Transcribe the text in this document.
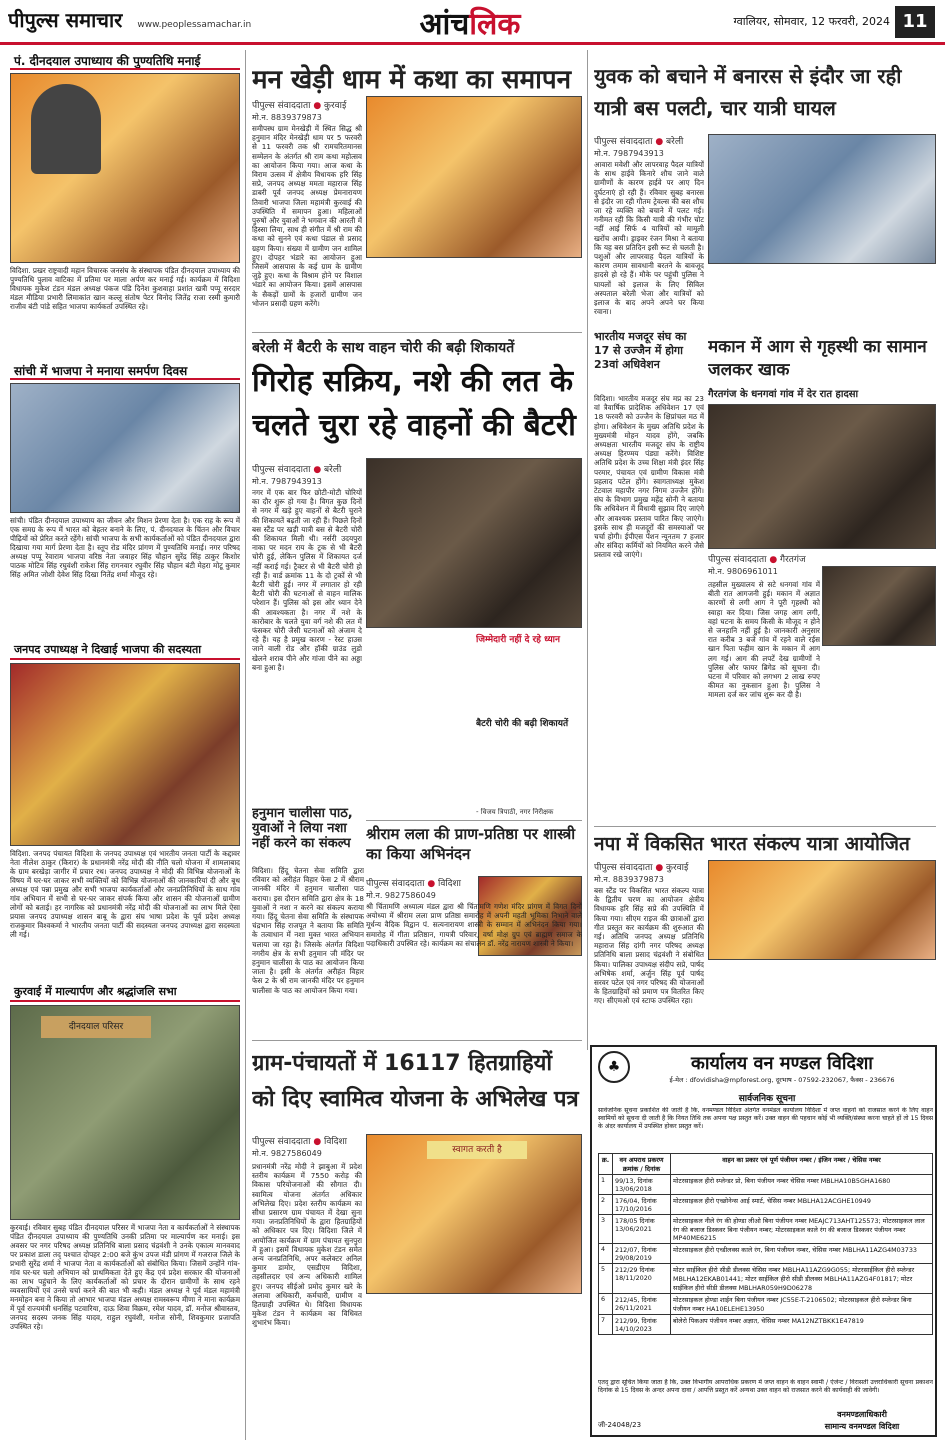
पीपुल्स समाचार www.peoplessamachar.in	आंचलिक	ग्वालियर, सोमवार, 12 फरवरी, 2024 11
पं. दीनदयाल उपाध्याय की पुण्यतिथि मनाई
विदिशा. प्रखर राष्ट्रवादी महान विचारक जनसंघ के संस्थापक पंडित दीनदयाल उपाध्याय की पुण्यतिथि पुलाव वाटिका में प्रतिमा पर माला अर्पण कर मनाई गई। कार्यक्रम में विदिशा विधायक मुकेश टंडन मंडल अध्यक्ष पंकज पंडि दिनेश कुशवाहा प्रशांत खत्री पप्पू सरदार मंडल मीडिया प्रभारी लिमाकांत खान कल्लू संतोष पेटर विनोद जितेंद्र राजा रस्मी कुमारी राजीव बंटी पांडे सहित भाजपा कार्यकर्ता उपस्थित रहे।
सांची में भाजपा ने मनाया समर्पण दिवस
सांची। पंडित दीनदयाल उपाध्याय का जीवन और मिशन प्रेरणा देता है। एक राह के रूप में एक समग्र के रूप में भारत को बेहतर बनाने के लिए, पं. दीनदयाल के चिंतन और विचार पीढ़ियों को प्रेरित करते रहेंगे। सांची भाजपा के सभी कार्यकर्ताओं को पंडित दीनदयाल द्वारा दिखाया गया मार्ग प्रेरणा देता है। स्तूप रोड मंदिर प्रांगण में पुण्यतिथि मनाई। नगर परिषद अध्यक्ष पप्पू रेवाराम भाजपा वरिष्ठ नेता जवाहर सिंह चौहान सुरेंद्र सिंह ठाकुर किशोर पाठक मोटिव सिंह रघुवंशी राकेश सिंह रागनवार रघुवीर सिंह चौहान बंटी मेहरा मोटू कुमार सिंह अमित जोशी देवेश सिंह दिखा नितेंद्र शर्मा मौजूद रहे।
जनपद उपाध्यक्ष ने दिखाई भाजपा की सदस्यता
विदिशा. जनपद पंचायत विदिशा के जनपद उपाध्यक्ष एवं भारतीय जनता पार्टी के कद्दावर नेता नीलेश ठाकुर (किरार) के प्रधानमंत्री नरेंद्र मोदी की नीति चलो योजना में शामलाबाद के ग्राम बरखेड़ा जागीर में प्रचार रथ। जनपद उपाध्यक्ष ने मोदी की विभिन्न योजनाओं के विषय में घर-घर जाकर सभी व्यक्तियों को विभिन्न योजनाओं की जानकारियां दी और बूथ अध्यक्ष एवं पन्ना प्रमुख और सभी भाजपा कार्यकर्ताओं और जनप्रतिनिधियों के साथ गांव गांव अभियान में सभी से घर-घर जाकर संपर्क किया और शासन की योजनाओं ग्रामीण लोगों को बताई। हर नागरिक को प्रधानमंत्री नरेंद्र मोदी की योजनाओं का लाभ मिले ऐसा प्रयास जनपद उपाध्यक्ष शासन बाबू के द्वारा संघ भाषा प्रदेश के पूर्व प्रदेश अध्यक्ष राजकुमार विश्वकर्मा ने भारतीय जनता पार्टी की सदस्यता जनपद उपाध्यक्ष द्वारा सदस्यता ली गई।
कुरवाई में माल्यार्पण और श्रद्धांजलि सभा
दीनदयाल परिसर
कुरवाई। रविवार सुबह पंडित दीनदयाल परिसर में भाजपा नेता व कार्यकर्ताओं ने संस्थापक पंडित दीनदयाल उपाध्याय की पुण्यतिथि उनकी प्रतिमा पर माल्यार्पण कर मनाई। इस अवसर पर नगर परिषद अध्यक्ष प्रतिनिधि बाला प्रसाद चंद्रवंशी ने उनके एकात्म मानववाद पर प्रकाश डाला तद् पश्चात दोपहर 2:00 बजे कुंभ उपज मंडी प्रांगण में गजराज जिले के प्रभारी सुरेंद्र शर्मा ने भाजपा नेता व कार्यकर्ताओं को संबोधित किया। जिसमें उन्होंने गांव-गांव घर-घर चलो अभियान को प्राथमिकता देते हुए केंद्र एवं प्रदेश सरकार की योजनाओं का लाभ पहुंचाने के लिए कार्यकर्ताओं को प्रचार के दौरान ग्रामीणों के साथ रहने व्यवसायियों एवं उनसे चर्चा करने की बात भी कही। मंडल अध्यक्ष ने पूर्व मंडल महामंत्री मनमोहन बना ने किया तो आभार भाजपा मंडल अध्यक्ष रामस्वरूप मीणा ने माना कार्यक्रम में पूर्व राज्यमंत्री धनसिंह पटवारिया, दाऊ शिवा विक्रम, रमेश यादव, डॉ. मनोज श्रीवास्तव, जनपद सदस्य जनक सिंह यादव, राहुल रघुवंशी, मनोज सोनी, शिवकुमार प्रजापति उपस्थित रहे।
मन खेड़ी धाम में कथा का समापन
पीपुल्स संवाददाता ● कुरवाई
मो.न. 8839379873
समीपस्थ ग्राम मेनखेड़ी में स्थित सिद्ध श्री हनुमान मंदिर मेनखेड़ी धाम पर 5 फरवरी से 11 फरवरी तक श्री रामचरितमानस सम्मेलन के अंतर्गत श्री राम कथा महोत्सव का आयोजन किया गया। आज कथा के विराम उत्सव में क्षेत्रीय विधायक हरि सिंह सप्रे, जनपद अध्यक्ष ममता महाराज सिंह डाबरी पूर्व जनपद अध्यक्ष प्रेमनारायण तिवारी भाजपा जिला महामंत्री कुरवाई की उपस्थिति में समापन हुआ। महिलाओं पुरुषों और युवाओं ने भगवान की आरती में हिस्सा लिया, साथ ही संगीत में श्री राम की कथा को सुनने एवं कथा पंडाल से प्रसाद ग्रहण किया। संख्या में ग्रामीण जन शामिल हुए। दोपहर भंडारे का आयोजन हुआ जिसमें आसपास के कई ग्राम के ग्रामीण जुड़े हुए। कथा के विश्राम होने पर विशाल भंडारे का आयोजन किया। इसमें आसपास के सैकड़ों ग्रामों के हजारों ग्रामीण जन भोजन प्रसादी ग्रहण करेंगे।
बरेली में बैटरी के साथ वाहन चोरी की बढ़ी शिकायतें
गिरोह सक्रिय, नशे की लत के चलते चुरा रहे वाहनों की बैटरी
पीपुल्स संवाददाता ● बरेली
मो.न. 7987943913
नगर में एक बार फिर छोटी-मोटी चोरियों का दौर शुरू हो गया है। विगत कुछ दिनों से नगर में खड़े हुए वाहनों से बैटरी चुराने की शिकायतें बढ़ती जा रही हैं। पिछले दिनों बस स्टैंड पर खड़ी यात्री बस से बैटरी चोरी की शिकायत मिली थी। नर्सरी उदयपुरा नाका पर मदन राय के ट्रक से भी बैटरी चोरी हुई, लेकिन पुलिस में शिकायत दर्ज नहीं कराई गई। ट्रैक्टर से भी बैटरी चोरी हो रही हैं। वार्ड क्रमांक 11 के दो ट्रकों से भी बैटरी चोरी हुई। नगर में लगातार हो रही बैटरी चोरी की घटनाओं से वाहन मालिक परेशान हैं। पुलिस को इस ओर ध्यान देने की आवश्यकता है। नगर में नशे के कारोबार के चलते युवा वर्ग नशे की लत में फंसकर चोरी जैसी घटनाओं को अंजाम दे रहे हैं। यह है प्रमुख कारण - रेस्ट हाउस जाने वाली रोड और हॉकी ग्राउंड लुडो खेलने शराब पीने और गांजा पीने का अड्डा बना हुआ है।
जिम्मेदारी नहीं दे रहे ध्यान
बैटरी चोरी की बढ़ी शिकायतें
- विजय त्रिपाठी, नगर निरीक्षक
हनुमान चालीसा पाठ, युवाओं ने लिया नशा नहीं करने का संकल्प
विदिशा। हिंदू चेतना सेवा समिति द्वारा रविवार को अरीहंत विहार फेस 2 में श्रीराम जानकी मंदिर में हनुमान चालीसा पाठ कराया। इस दौरान समिति द्वारा क्षेत्र के 18 युवाओं ने नशा न करने का संकल्प कराया गया। हिंदू चेतना सेवा समिति के संस्थापक चंद्रभान सिंह राजपूत ने बताया कि समिति के तत्वाधान में नशा मुक्त भारत अभियान चलाया जा रहा है। जिसके अंतर्गत विदिशा नगरीय क्षेत्र के सभी हनुमान जी मंदिर पर हनुमान चालीसा के पाठ का आयोजन किया जाता है। इसी के अंतर्गत अरीहंत विहार फेस 2 के श्री राम जानकी मंदिर पर हनुमान चालीसा के पाठ का आयोजन किया गया।
श्रीराम लला की प्राण-प्रतिष्ठा पर शास्त्री का किया अभिनंदन
पीपुल्स संवाददाता ● विदिशा
मो.न. 9827586049
श्री चिंतामणि अध्यात्म मंडल द्वारा श्री चिंतामणि गणेश मंदिर प्रांगण में विगत दिनों अयोध्या में श्रीराम लला प्राण प्रतिष्ठा समारोह में अपनी महती भूमिका निभाने वाले मूर्धन्य वैदिक विद्वान पं. सत्यनारायण शास्त्री के सम्मान में अभिनंदन किया गया। समारोह में गीता प्रतिष्ठान, गायत्री परिवार, वर्षा मोक्ष ग्रुप एवं ब्राह्मण समाज के पदाधिकारी उपस्थित रहे। कार्यक्रम का संचालन डॉ. नरेंद्र नारायण शास्त्री ने किया।
ग्राम-पंचायतों में 16117 हितग्राहियों को दिए स्वामित्व योजना के अभिलेख पत्र
पीपुल्स संवाददाता ● विदिशा
मो.न. 9827586049	स्वागत करती है
प्रधानमंत्री नरेंद्र मोदी ने झाबुआ में प्रदेश स्तरीय कार्यक्रम में 7550 करोड़ की विकास परियोजनाओं की सौगात दी। स्वामित्व योजना अंतर्गत अधिकार अभिलेख दिए। प्रदेश स्तरीय कार्यक्रम का सीधा प्रसारण ग्राम पंचायत में देखा सुना गया। जनप्रतिनिधियों के द्वारा हितग्राहियों को अधिकार पत्र दिए। विदिशा जिले में आयोजित कार्यक्रम में ग्राम पंचायत सुनपुरा में हुआ। इसमें विधायक मुकेश टंडन समेत अन्य जनप्रतिनिधि, अपर कलेक्टर अनिल कुमार डामोर, एसडीएम विदिशा, तहसीलदार एवं अन्य अधिकारी शामिल हुए। जनपद सीईओ प्रमोद कुमार खरे के अलावा अधिकारी, कर्मचारी, ग्रामीण व हितग्राही उपस्थित थे। विदिशा विधायक मुकेश टंडन ने कार्यक्रम का विधिवत शुभारंभ किया।
युवक को बचाने में बनारस से इंदौर जा रही यात्री बस पलटी, चार यात्री घायल
पीपुल्स संवाददाता ● बरेली
मो.न. 7987943913
आवारा मवेशी और लापरवाह पैदल यात्रियों के साथ हाईवे किनारे शौच जाने वाले ग्रामीणों के कारण हाईवे पर आए दिन दुर्घटनाएं हो रही हैं। रविवार सुबह बनारस से इंदौर जा रही गौतम ट्रेवल्स की बस शौच जा रहे व्यक्ति को बचाने में पलट गई। गनीमत रही कि किसी यात्री की गंभीर चोट नहीं आई सिर्फ 4 यात्रियों को मामूली खरोंच आयी। ड्राइवर रंजन मिश्रा ने बताया कि यह बस प्रतिदिन इसी रूट से चलती है। पशुओं और लापरवाह पैदल यात्रियों के कारण तमाम सावधानी बरतने के बावजूद हादसे हो रहे हैं। मौके पर पहुंची पुलिस ने घायलों को इलाज के लिए सिविल अस्पताल बरेली भेजा और यात्रियों को इलाज के बाद अपने अपने घर किया रवाना।
भारतीय मजदूर संघ का 17 से उज्जैन में होगा 23वां अधिवेशन
विदिशा। भारतीय मजदूर संघ मप्र का 23 वां त्रैवार्षिक प्रादेशिक अधिवेशन 17 एवं 18 फरवरी को उज्जैन के क्षिप्रांचल मठ में होगा। अधिवेशन के मुख्य अतिथि प्रदेश के मुख्यमंत्री मोहन यादव होंगे, जबकि अध्यक्षता भारतीय मजदूर संघ के राष्ट्रीय अध्यक्ष हिरण्मय पंड्या करेंगे। विशिष्ट अतिथि प्रदेश के उच्च शिक्षा मंत्री इंदर सिंह परमार, पंचायत एवं ग्रामीण विकास मंत्री प्रहलाद पटेल होंगे। स्वागताध्यक्ष मुकेश टेटवाल महापौर नगर निगम उज्जैन होंगे। संघ के विभाग प्रमुख महेंद्र सोनी ने बताया कि अधिवेशन में विधायी सुझाव दिए जाएंगे और आवश्यक प्रस्ताव पारित किए जाएंगे। इसके साथ ही मजदूरों की समस्याओं पर चर्चा होगी। ईपीएस पेंशन न्यूनतम 7 हजार और संविदा कर्मियों को नियमित करने जैसे प्रस्ताव रखे जाएंगे।
मकान में आग से गृहस्थी का सामान जलकर खाक
गैरतगंज के धनगवां गांव में देर रात हादसा
पीपुल्स संवाददाता ● गैरतगंज
मो.न. 9806961011
तहसील मुख्यालय से सटे धनगवां गांव में बीती रात आगजनी हुई। मकान में अज्ञात कारणों से लगी आग ने पूरी गृहस्थी को स्वाहा कर दिया। जिस जगह आग लगी, वहां घटना के समय किसी के मौजूद न होने से जनहानि नहीं हुई है। जानकारी अनुसार रात करीब 3 बजे गांव में रहने वाले रईस खान पिता फहीम खान के मकान में आग लग गई। आग की लपटें देख ग्रामीणों ने पुलिस और फायर ब्रिगेड को सूचना दी। घटना में परिवार को लगभग 2 लाख रुपए कीमत का नुकसान हुआ है। पुलिस ने मामला दर्ज कर जांच शुरू कर दी है।
नपा में विकसित भारत संकल्प यात्रा आयोजित
पीपुल्स संवाददाता ● कुरवाई
मो.न. 8839379873
बस स्टैंड पर विकसित भारत संकल्प यात्रा के द्वितीय चरण का आयोजन क्षेत्रीय विधायक हरि सिंह सप्रे की उपस्थिति में किया गया। सीएम राइज की छात्राओं द्वारा गीत प्रस्तुत कर कार्यक्रम की शुरुआत की गई। अतिथि जनपद अध्यक्ष प्रतिनिधि महाराज सिंह दांगी नगर परिषद अध्यक्ष प्रतिनिधि बाला प्रसाद चंद्रवंशी ने संबोधित किया। पालिका उपाध्यक्ष संदीप सप्रे, पार्षद अभिषेक शर्मा, अर्जुन सिंह पूर्व पार्षद सरवर पटेल एवं नगर परिषद की योजनाओं के हितग्राहियों को प्रमाण पत्र वितरित किए गए। सीएमओ एवं स्टाफ उपस्थित रहा।
♣	कार्यालय वन मण्डल विदिशा
ई-मेल : dfovidisha@mpforest.org, दूरभाष - 07592-232067, फैक्स - 236676
सार्वजनिक सूचना
सार्वजनिक सूचना प्रकाशित की जाती है कि, वनमण्डल विदिशा अंतर्गत वनमंडल कार्यालय विदिशा में जप्त वाहनों को राजसात करने के लिए वाहन स्वामियों को सूचना दी जाती है कि नियत तिथि तक अपना पक्ष प्रस्तुत करें। उक्त वाहन की पहचान कोई भी व्यक्ति/संस्था करना चाहते हों तो 15 दिवस के अंदर कार्यालय में उपस्थित होकर प्रस्तुत करें।
क्र.	वन अपराध प्रकरण क्रमांक / दिनांक	वाहन का प्रकार एवं पूर्ण पंजीयन नम्बर / इंजिन नम्बर / चेसिस नम्बर
1	99/13, दिनांक 13/06/2018	मोटरसाइकल हीरो स्प्लेन्डर प्रो, बिना पंजीयन नम्बर चेसिस नम्बर MBLHA10B5GHA1680
2	176/04, दिनांक 17/10/2016	मोटरसाइकल हीरो एच्छोनेन्स आई स्मार्ट, चेसिस नम्बर MBLHA12ACGHE10949
3	178/05 दिनांक 13/06/2021	मोटरसाइकल नीले रंग की होण्डा लीओ बिना पंजीयन नम्बर MEAJC713AHT125573; मोटरसाइकल लाल रंग की बजाज डिस्कवर बिना पंजीयन नम्बर; मोटरसाइकल काले रंग की बजाज डिस्कवर पंजीयन नम्बर MP40ME6215
4	212/07, दिनांक 29/08/2019	मोटरसाइकल हीरो एच्डीलक्स काले रंग, बिना पंजीयन नम्बर, चेसिस नम्बर MBLHA11AZG4M03733
5	212/29 दिनांक 18/11/2020	मोटर साईकिल हीरो सीडी डीलक्स चेसिस नम्बर MBLHA11AZG9G055; मोटरसाईकिल हीरो स्प्लेन्डर MBLHA12EKAB01441; मोटर साईकिल हीरो सीडी डीलक्स MBLHA11AZG4F01817; मोटर साईकिल हीरो सीडी डीलक्स MBLHAR059H9D06278
6	212/45, दिनांक 26/11/2021	मोटरसाइकल होण्डा शाईन बिना पंजीयन नम्बर JC55E-T-2106502; मोटरसाइकल हीरो स्प्लेन्डर बिना पंजीयन नम्बर HA10ELEHE13950
7	212/99, दिनांक 14/10/2023	बोलेरो पिकअप पंजीयन नम्बर अज्ञात, चेसिस नम्बर MA12NZTBKK1E47819
एतद् द्वारा सूचित किया जाता है कि, उक्त विभागीय आपराधिक प्रकरण में जप्त वाहन के वाहन स्वामी / ऐजेन्ट / विरासती उत्तराधिकारी सूचना प्रकाशन दिनांक से 15 दिवस के अन्दर अपना दावा / आपत्ति प्रस्तुत करें अन्यथा उक्त वाहन को राजसात करने की कार्यवाही की जावेगी।
वनमण्डलाधिकारी
सामान्य वनमण्डल विदिशा
जी-24048/23
